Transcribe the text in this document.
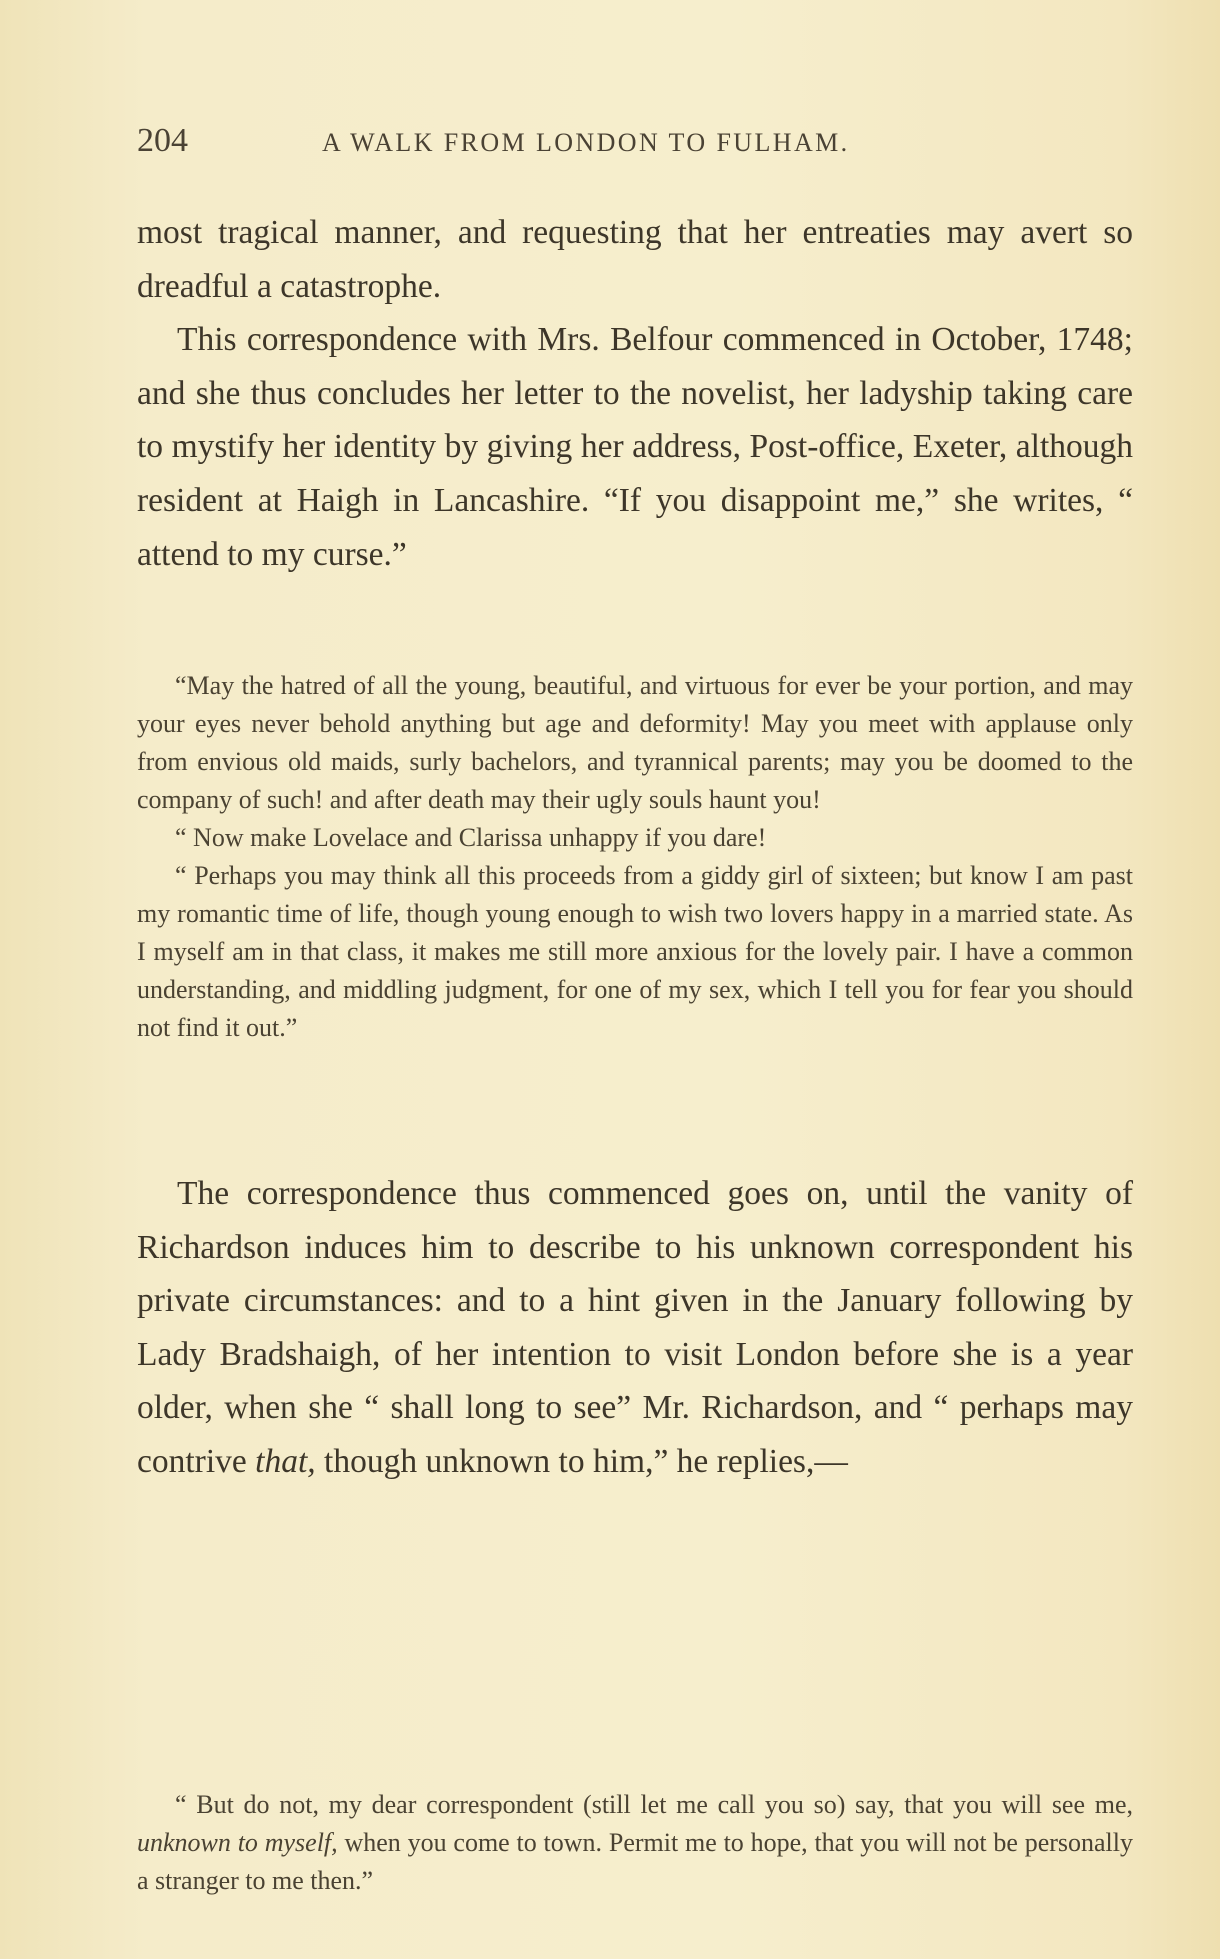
204	A WALK FROM LONDON TO FULHAM.

most tragical manner, and requesting that her entreaties may avert so dreadful a catastrophe.

This correspondence with Mrs. Belfour commenced in October, 1748; and she thus concludes her letter to the novelist, her ladyship taking care to mystify her identity by giving her address, Post-office, Exeter, although resident at Haigh in Lancashire. “If you disappoint me,” she writes, “ attend to my curse.”

“May the hatred of all the young, beautiful, and virtuous for ever be your portion, and may your eyes never behold anything but age and deformity! May you meet with applause only from envious old maids, surly bachelors, and tyrannical parents; may you be doomed to the company of such! and after death may their ugly souls haunt you!

“ Now make Lovelace and Clarissa unhappy if you dare!

“ Perhaps you may think all this proceeds from a giddy girl of sixteen; but know I am past my romantic time of life, though young enough to wish two lovers happy in a married state. As I myself am in that class, it makes me still more anxious for the lovely pair. I have a common understanding, and middling judgment, for one of my sex, which I tell you for fear you should not find it out.”

The correspondence thus commenced goes on, until the vanity of Richardson induces him to describe to his unknown correspondent his private circumstances: and to a hint given in the January following by Lady Bradshaigh, of her intention to visit London before she is a year older, when she “ shall long to see” Mr. Richardson, and “ perhaps may contrive that, though unknown to him,” he replies,—

“ But do not, my dear correspondent (still let me call you so) say, that you will see me, unknown to myself, when you come to town. Permit me to hope, that you will not be personally a stranger to me then.”
